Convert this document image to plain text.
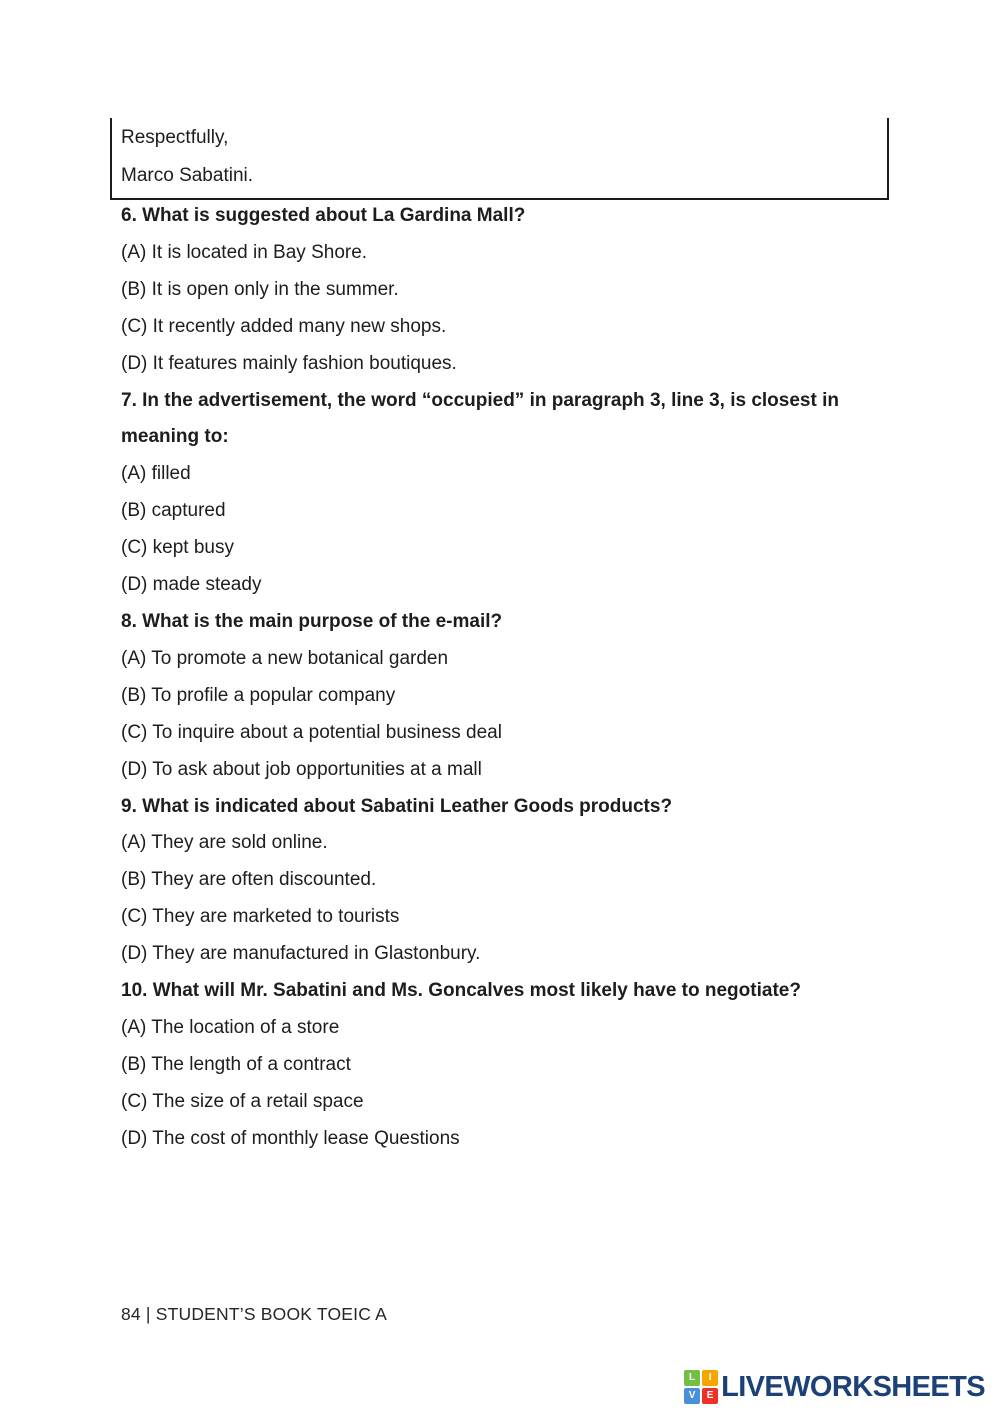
Respectfully,
Marco Sabatini.

6. What is suggested about La Gardina Mall?

(A) It is located in Bay Shore.

(B) It is open only in the summer.

(C) It recently added many new shops.

(D) It features mainly fashion boutiques.

7. In the advertisement, the word “occupied” in paragraph 3, line 3, is closest in meaning to:

(A) filled

(B) captured

(C) kept busy

(D) made steady

8. What is the main purpose of the e-mail?

(A) To promote a new botanical garden

(B) To profile a popular company

(C) To inquire about a potential business deal

(D) To ask about job opportunities at a mall

9. What is indicated about Sabatini Leather Goods products?

(A) They are sold online.

(B) They are often discounted.

(C) They are marketed to tourists

(D) They are manufactured in Glastonbury.

10. What will Mr. Sabatini and Ms. Goncalves most likely have to negotiate?

(A) The location of a store

(B) The length of a contract

(C) The size of a retail space

(D) The cost of monthly lease Questions

84 | STUDENT’S BOOK TOEIC A
L	I
V	E LIVEWORKSHEETS
